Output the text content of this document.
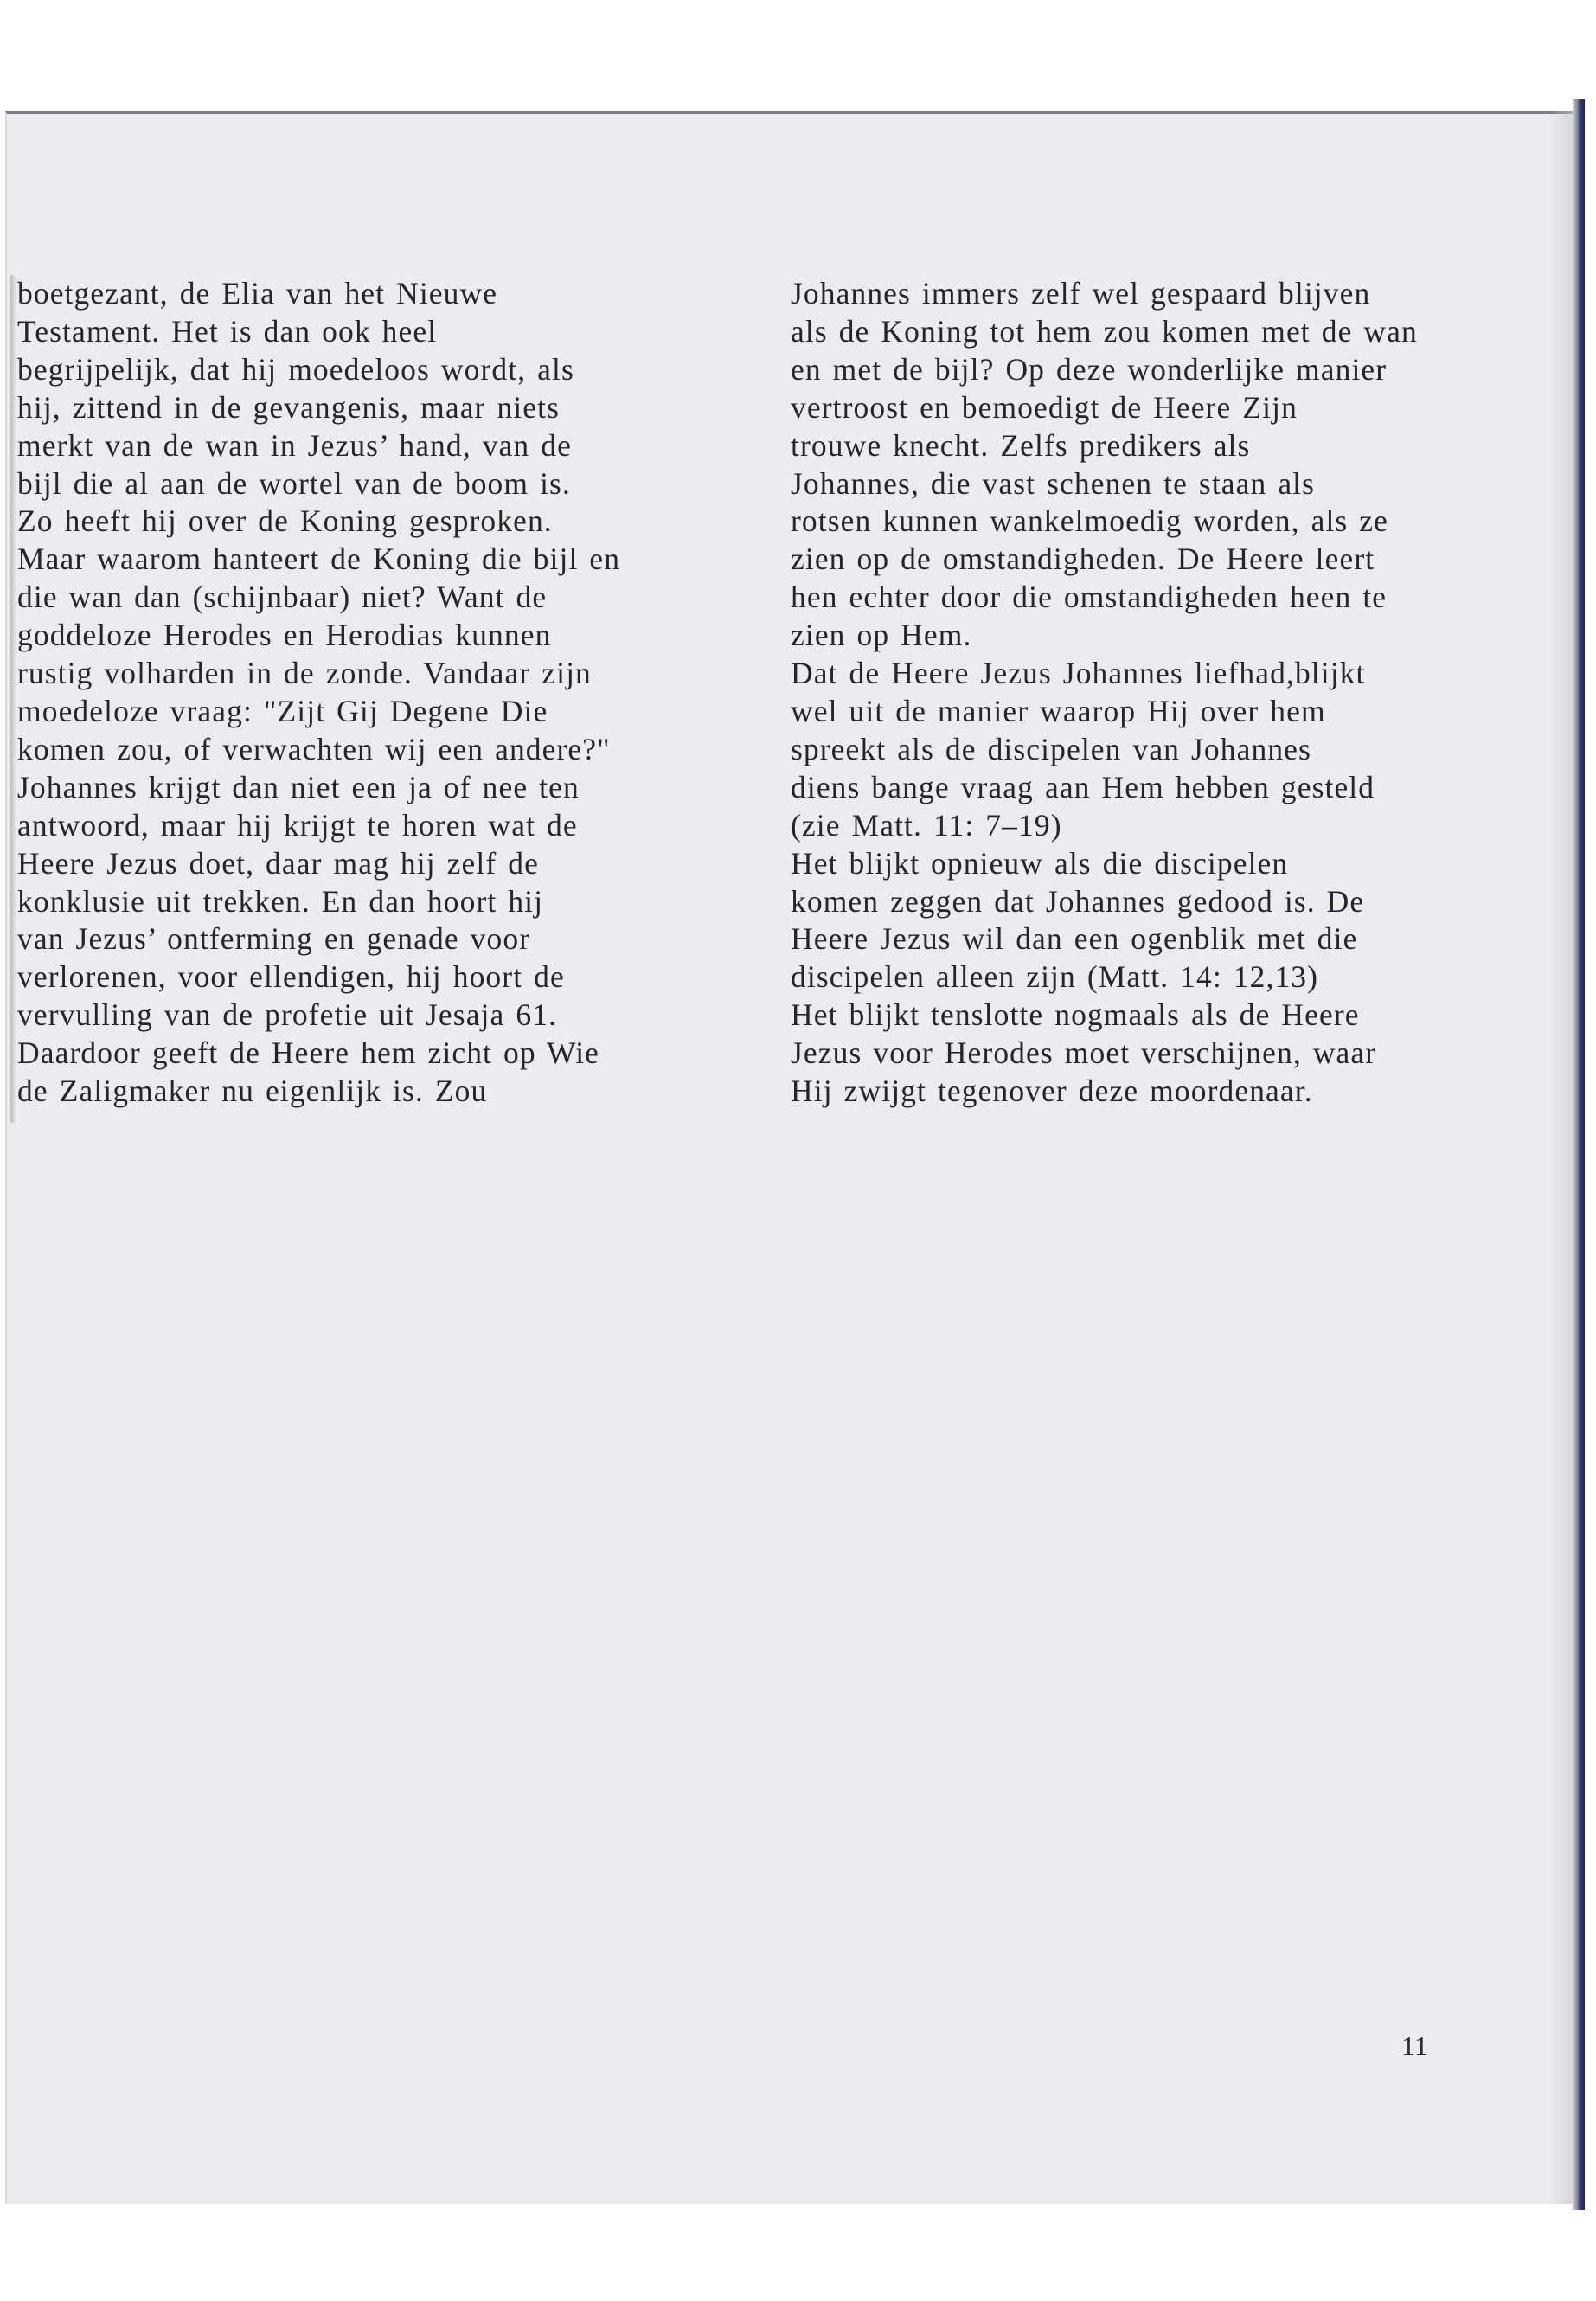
boetgezant, de Elia van het Nieuwe
Testament. Het is dan ook heel
begrijpelijk, dat hij moedeloos wordt, als
hij, zittend in de gevangenis, maar niets
merkt van de wan in Jezus’ hand, van de
bijl die al aan de wortel van de boom is.
Zo heeft hij over de Koning gesproken.
Maar waarom hanteert de Koning die bijl en
die wan dan (schijnbaar) niet? Want de
goddeloze Herodes en Herodias kunnen
rustig volharden in de zonde. Vandaar zijn
moedeloze vraag: "Zijt Gij Degene Die
komen zou, of verwachten wij een andere?"
Johannes krijgt dan niet een ja of nee ten
antwoord, maar hij krijgt te horen wat de
Heere Jezus doet, daar mag hij zelf de
konklusie uit trekken. En dan hoort hij
van Jezus’ ontferming en genade voor
verlorenen, voor ellendigen, hij hoort de
vervulling van de profetie uit Jesaja 61.
Daardoor geeft de Heere hem zicht op Wie
de Zaligmaker nu eigenlijk is. Zou
Johannes immers zelf wel gespaard blijven
als de Koning tot hem zou komen met de wan
en met de bijl? Op deze wonderlijke manier
vertroost en bemoedigt de Heere Zijn
trouwe knecht. Zelfs predikers als
Johannes, die vast schenen te staan als
rotsen kunnen wankelmoedig worden, als ze
zien op de omstandigheden. De Heere leert
hen echter door die omstandigheden heen te
zien op Hem.
Dat de Heere Jezus Johannes liefhad,blijkt
wel uit de manier waarop Hij over hem
spreekt als de discipelen van Johannes
diens bange vraag aan Hem hebben gesteld
(zie Matt. 11: 7–19)
Het blijkt opnieuw als die discipelen
komen zeggen dat Johannes gedood is. De
Heere Jezus wil dan een ogenblik met die
discipelen alleen zijn (Matt. 14: 12,13)
Het blijkt tenslotte nogmaals als de Heere
Jezus voor Herodes moet verschijnen, waar
Hij zwijgt tegenover deze moordenaar.
11
